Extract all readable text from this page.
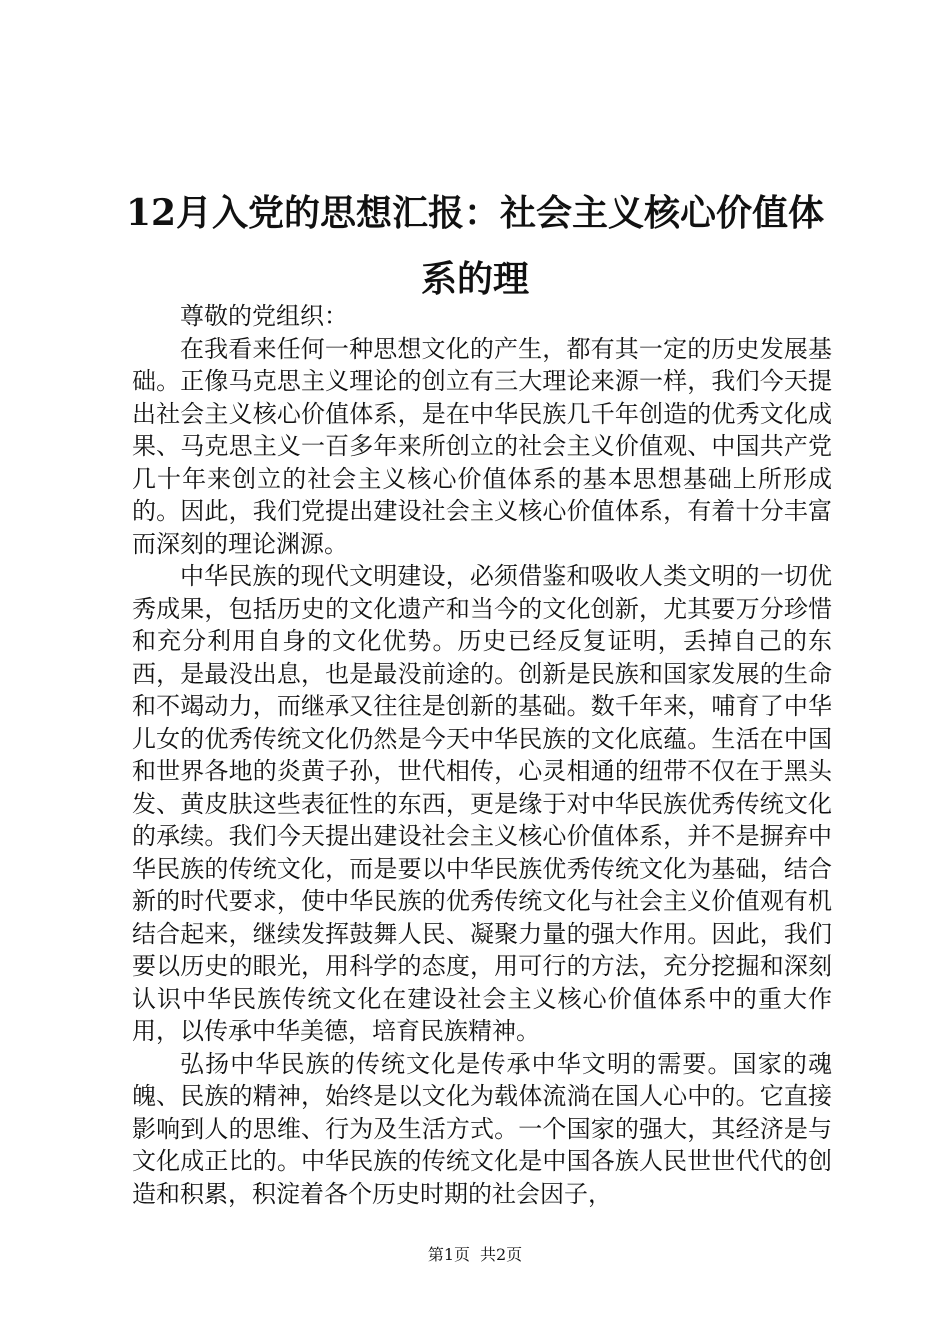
12月入党的思想汇报：社会主义核心价值体系的理

尊敬的党组织：

在我看来任何一种思想文化的产生，都有其一定的历史发展基础。正像马克思主义理论的创立有三大理论来源一样，我们今天提出社会主义核心价值体系，是在中华民族几千年创造的优秀文化成果、马克思主义一百多年来所创立的社会主义价值观、中国共产党几十年来创立的社会主义核心价值体系的基本思想基础上所形成的。因此，我们党提出建设社会主义核心价值体系，有着十分丰富而深刻的理论渊源。

中华民族的现代文明建设，必须借鉴和吸收人类文明的一切优秀成果，包括历史的文化遗产和当今的文化创新，尤其要万分珍惜和充分利用自身的文化优势。历史已经反复证明，丢掉自己的东西，是最没出息，也是最没前途的。创新是民族和国家发展的生命和不竭动力，而继承又往往是创新的基础。数千年来，哺育了中华儿女的优秀传统文化仍然是今天中华民族的文化底蕴。生活在中国和世界各地的炎黄子孙，世代相传，心灵相通的纽带不仅在于黑头发、黄皮肤这些表征性的东西，更是缘于对中华民族优秀传统文化的承续。我们今天提出建设社会主义核心价值体系，并不是摒弃中华民族的传统文化，而是要以中华民族优秀传统文化为基础，结合新的时代要求，使中华民族的优秀传统文化与社会主义价值观有机结合起来，继续发挥鼓舞人民、凝聚力量的强大作用。因此，我们要以历史的眼光，用科学的态度，用可行的方法，充分挖掘和深刻认识中华民族传统文化在建设社会主义核心价值体系中的重大作用，以传承中华美德，培育民族精神。

弘扬中华民族的传统文化是传承中华文明的需要。国家的魂魄、民族的精神，始终是以文化为载体流淌在国人心中的。它直接影响到人的思维、行为及生活方式。一个国家的强大，其经济是与文化成正比的。中华民族的传统文化是中国各族人民世世代代的创造和积累，积淀着各个历史时期的社会因子，

第1页 共2页
